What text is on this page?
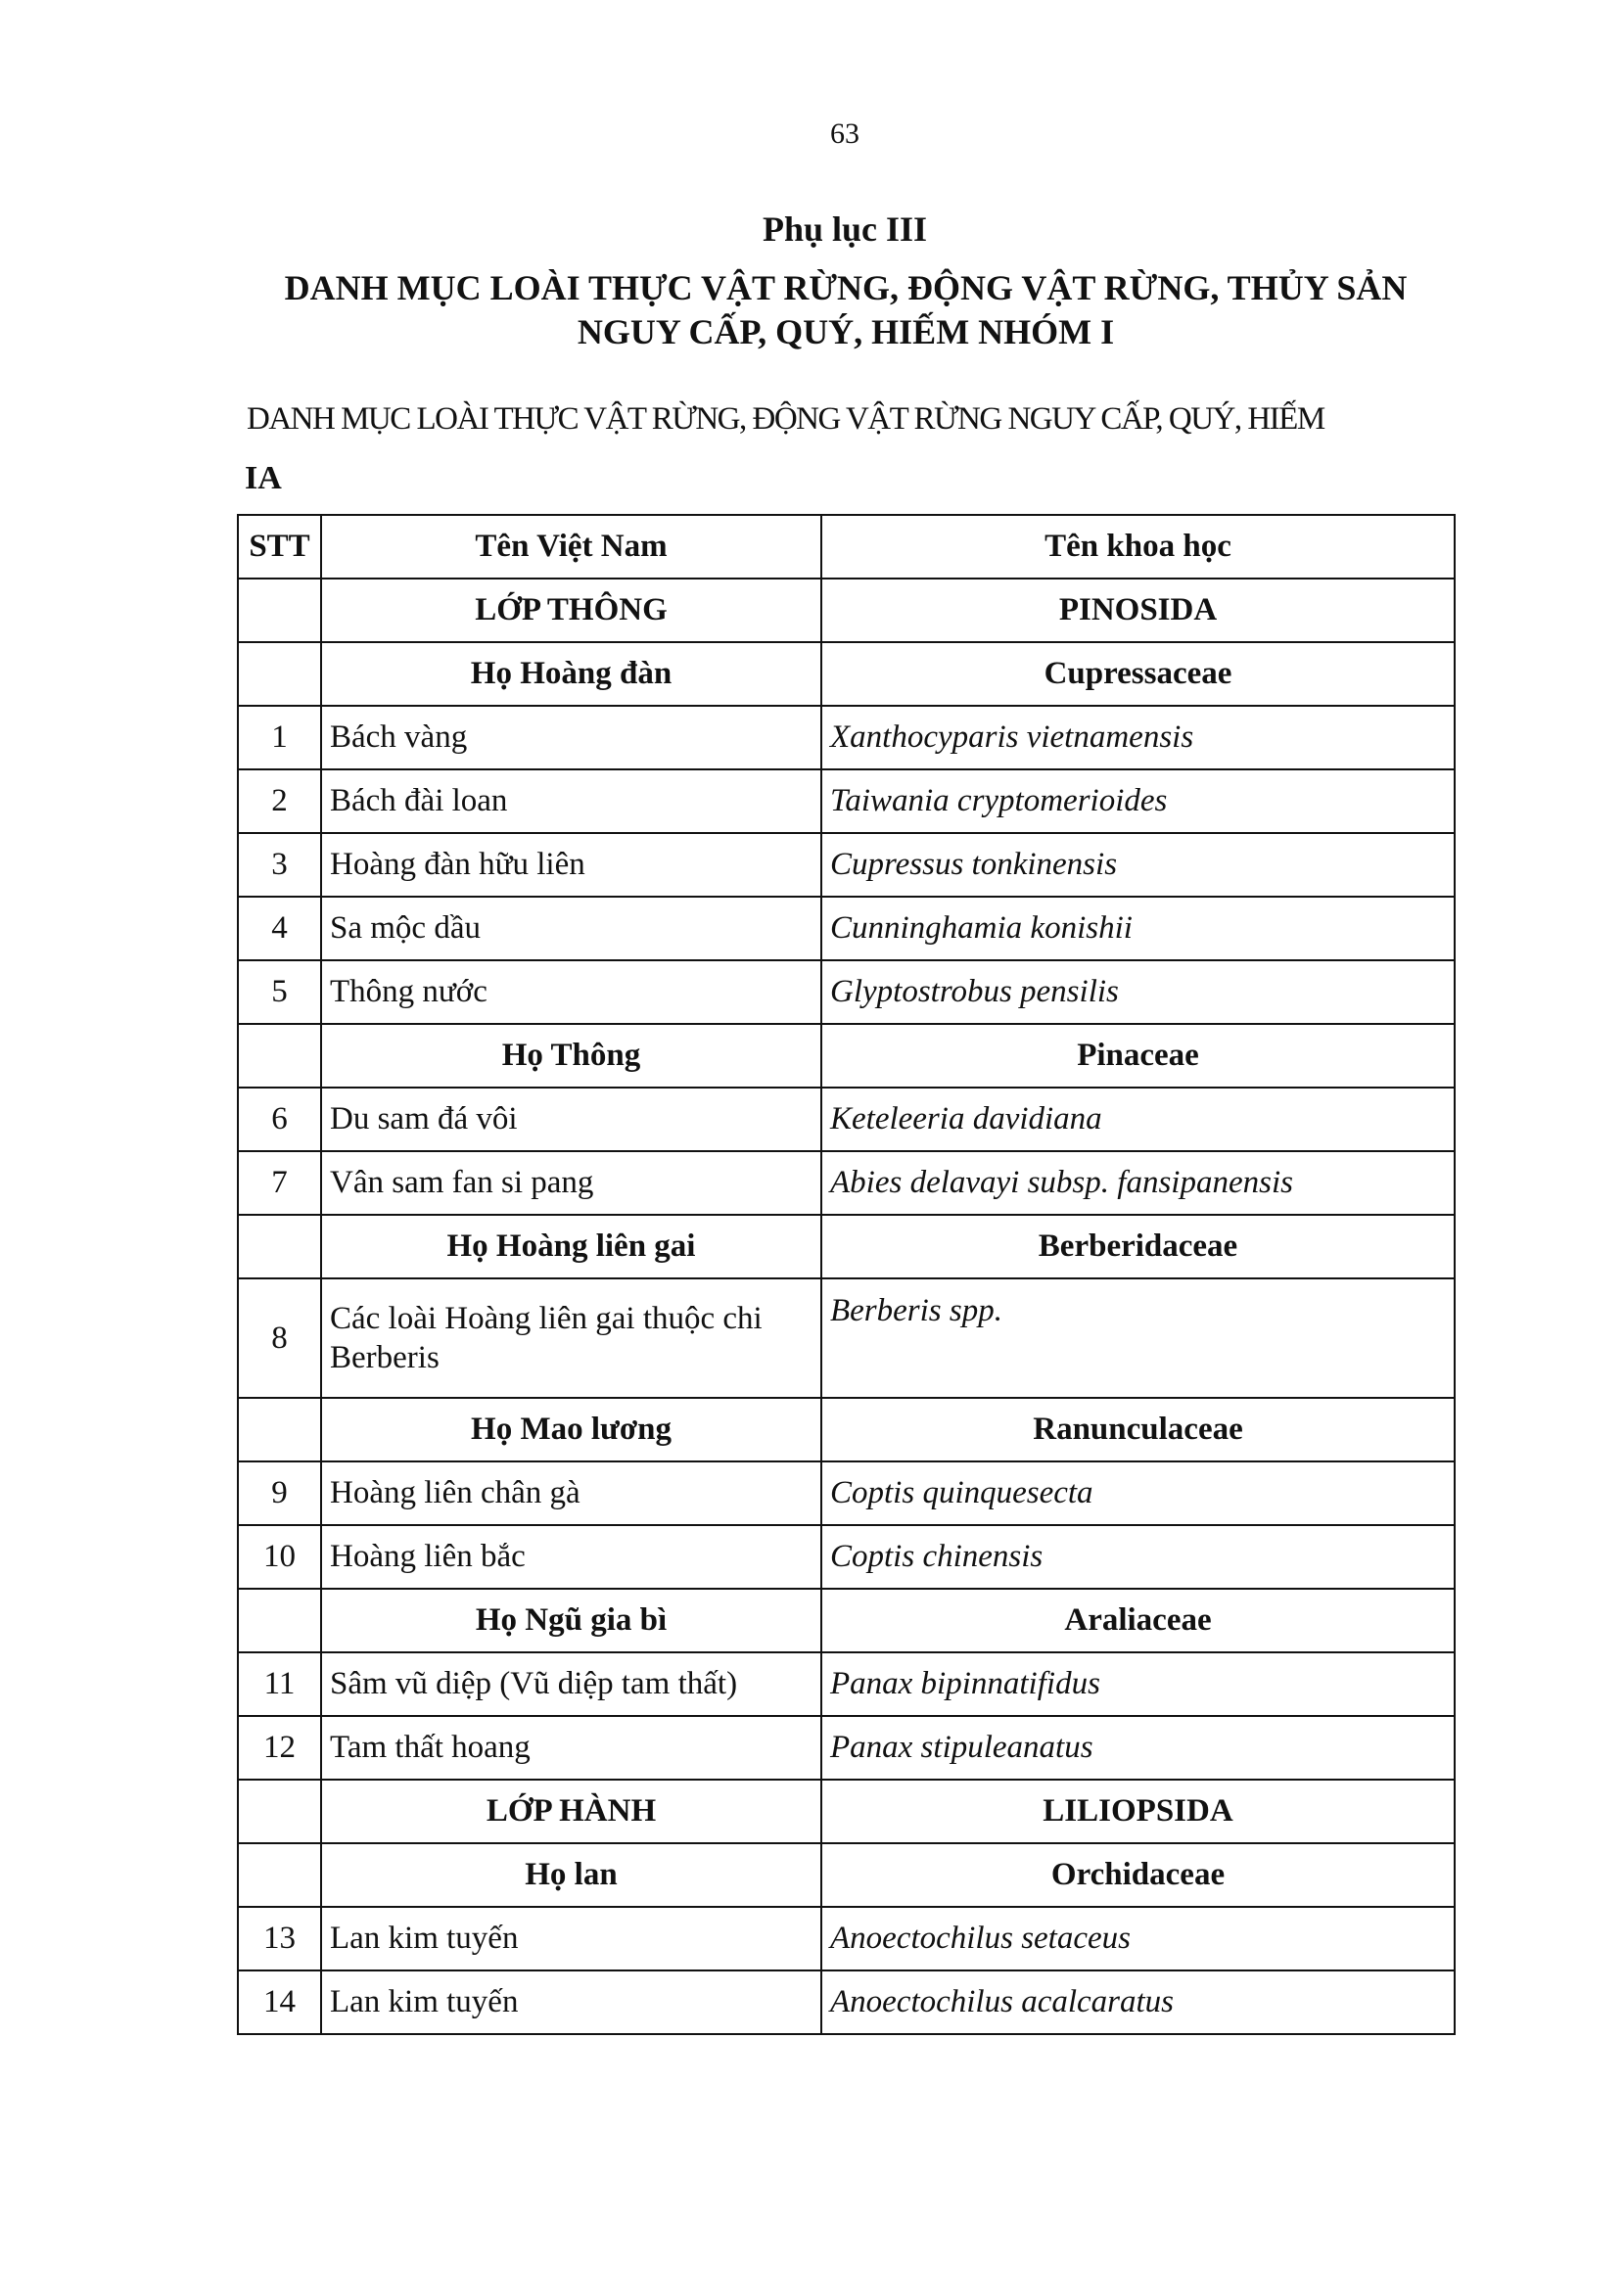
63
Phụ lục III
DANH MỤC LOÀI THỰC VẬT RỪNG, ĐỘNG VẬT RỪNG, THỦY SẢN
NGUY CẤP, QUÝ, HIẾM NHÓM I
DANH MỤC LOÀI THỰC VẬT RỪNG, ĐỘNG VẬT RỪNG NGUY CẤP, QUÝ, HIẾM
IA
STT	Tên Việt Nam	Tên khoa học
	LỚP THÔNG	PINOSIDA
	Họ Hoàng đàn	Cupressaceae
1	Bách vàng	Xanthocyparis vietnamensis
2	Bách đài loan	Taiwania cryptomerioides
3	Hoàng đàn hữu liên	Cupressus tonkinensis
4	Sa mộc dầu	Cunninghamia konishii
5	Thông nước	Glyptostrobus pensilis
	Họ Thông	Pinaceae
6	Du sam đá vôi	Keteleeria davidiana
7	Vân sam fan si pang	Abies delavayi subsp. fansipanensis
	Họ Hoàng liên gai	Berberidaceae
8	Các loài Hoàng liên gai thuộc chi Berberis	Berberis spp.
	Họ Mao lương	Ranunculaceae
9	Hoàng liên chân gà	Coptis quinquesecta
10	Hoàng liên bắc	Coptis chinensis
	Họ Ngũ gia bì	Araliaceae
11	Sâm vũ diệp (Vũ diệp tam thất)	Panax bipinnatifidus
12	Tam thất hoang	Panax stipuleanatus
	LỚP HÀNH	LILIOPSIDA
	Họ lan	Orchidaceae
13	Lan kim tuyến	Anoectochilus setaceus
14	Lan kim tuyến	Anoectochilus acalcaratus
